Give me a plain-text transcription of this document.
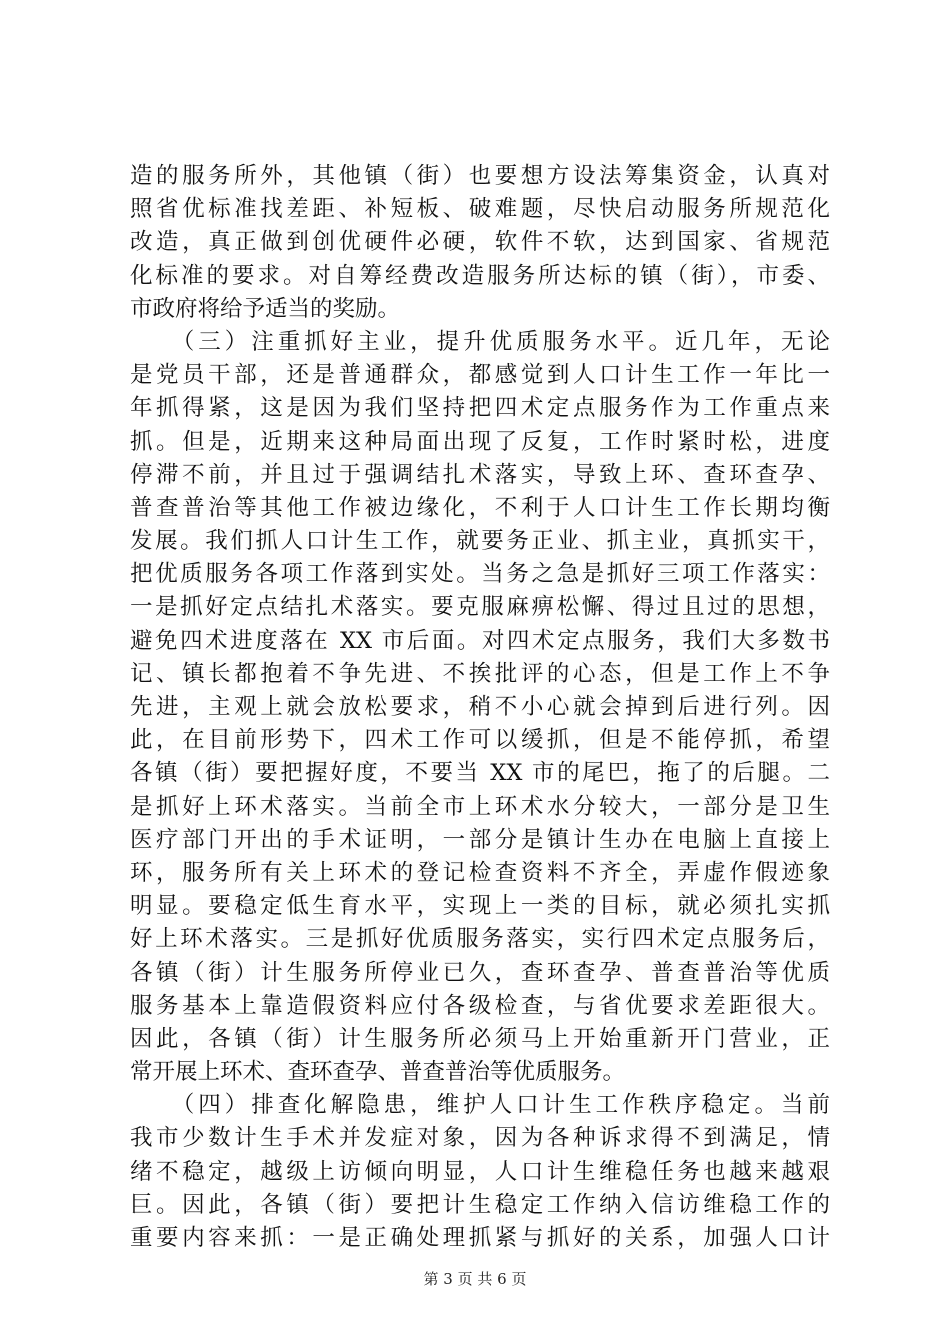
造的服务所外，其他镇（街）也要想方设法筹集资金，认真对
照省优标准找差距、补短板、破难题，尽快启动服务所规范化
改造，真正做到创优硬件必硬，软件不软，达到国家、省规范
化标准的要求。对自筹经费改造服务所达标的镇（街），市委、
市政府将给予适当的奖励。
　　（三）注重抓好主业，提升优质服务水平。近几年，无论
是党员干部，还是普通群众，都感觉到人口计生工作一年比一
年抓得紧，这是因为我们坚持把四术定点服务作为工作重点来
抓。但是，近期来这种局面出现了反复，工作时紧时松，进度
停滞不前，并且过于强调结扎术落实，导致上环、查环查孕、
普查普治等其他工作被边缘化，不利于人口计生工作长期均衡
发展。我们抓人口计生工作，就要务正业、抓主业，真抓实干，
把优质服务各项工作落到实处。当务之急是抓好三项工作落实：
一是抓好定点结扎术落实。要克服麻痹松懈、得过且过的思想，
避免四术进度落在 XX 市后面。对四术定点服务，我们大多数书
记、镇长都抱着不争先进、不挨批评的心态，但是工作上不争
先进，主观上就会放松要求，稍不小心就会掉到后进行列。因
此，在目前形势下，四术工作可以缓抓，但是不能停抓，希望
各镇（街）要把握好度，不要当 XX 市的尾巴，拖了的后腿。二
是抓好上环术落实。当前全市上环术水分较大，一部分是卫生
医疗部门开出的手术证明，一部分是镇计生办在电脑上直接上
环，服务所有关上环术的登记检查资料不齐全，弄虚作假迹象
明显。要稳定低生育水平，实现上一类的目标，就必须扎实抓
好上环术落实。三是抓好优质服务落实，实行四术定点服务后，
各镇（街）计生服务所停业已久，查环查孕、普查普治等优质
服务基本上靠造假资料应付各级检查，与省优要求差距很大。
因此，各镇（街）计生服务所必须马上开始重新开门营业，正
常开展上环术、查环查孕、普查普治等优质服务。
　　（四）排查化解隐患，维护人口计生工作秩序稳定。当前
我市少数计生手术并发症对象，因为各种诉求得不到满足，情
绪不稳定，越级上访倾向明显，人口计生维稳任务也越来越艰
巨。因此，各镇（街）要把计生稳定工作纳入信访维稳工作的
重要内容来抓：一是正确处理抓紧与抓好的关系，加强人口计
第 3 页 共 6 页
